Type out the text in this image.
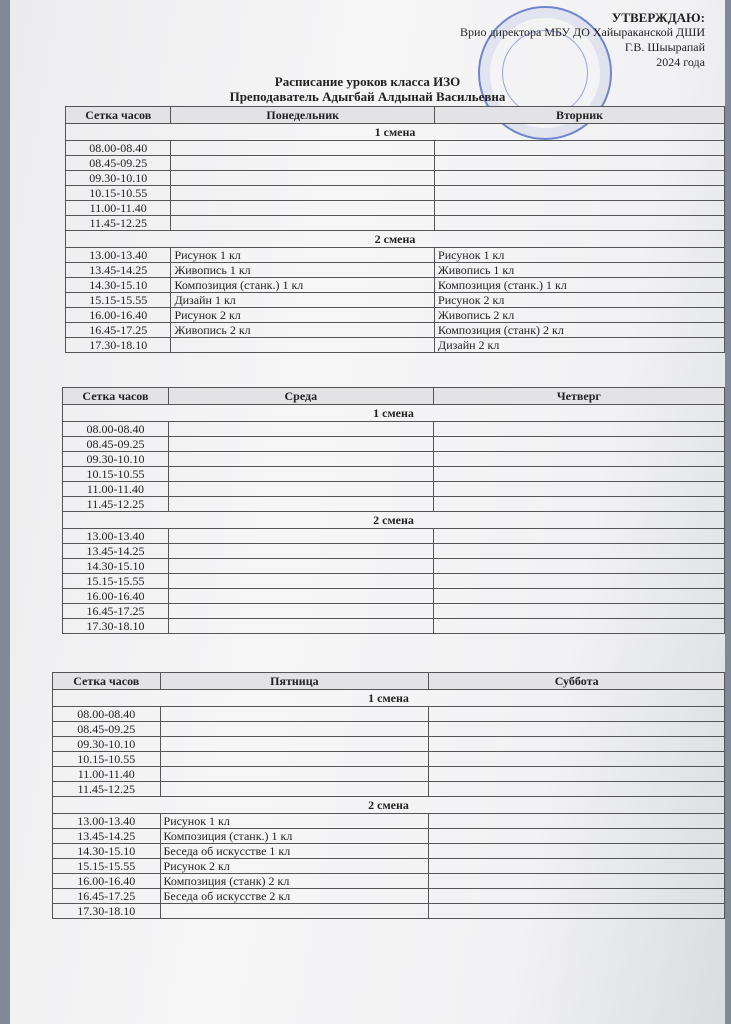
УТВЕРЖДАЮ:
Врио директора МБУ ДО Хайыраканской ДШИ
Г.В. Шыырапай
2024 года
Расписание уроков класса ИЗО
Преподаватель Адыгбай Алдынай Васильевна
Сетка часов	Понедельник	Вторник
1 смена		
08.00-08.40		
08.45-09.25		
09.30-10.10		
10.15-10.55		
11.00-11.40		
11.45-12.25		
2 смена		
13.00-13.40	Рисунок 1 кл	Рисунок 1 кл
13.45-14.25	Живопись 1 кл	Живопись 1 кл
14.30-15.10	Композиция (станк.) 1 кл	Композиция (станк.) 1 кл
15.15-15.55	Дизайн 1 кл	Рисунок 2 кл
16.00-16.40	Рисунок 2 кл	Живопись 2 кл
16.45-17.25	Живопись 2 кл	Композиция (станк) 2 кл
17.30-18.10		Дизайн 2 кл
Сетка часов	Среда	Четверг
1 смена		
08.00-08.40		
08.45-09.25		
09.30-10.10		
10.15-10.55		
11.00-11.40		
11.45-12.25		
2 смена		
13.00-13.40		
13.45-14.25		
14.30-15.10		
15.15-15.55		
16.00-16.40		
16.45-17.25		
17.30-18.10		
Сетка часов	Пятница	Суббота
1 смена		
08.00-08.40		
08.45-09.25		
09.30-10.10		
10.15-10.55		
11.00-11.40		
11.45-12.25		
2 смена		
13.00-13.40	Рисунок 1 кл	
13.45-14.25	Композиция (станк.) 1 кл	
14.30-15.10	Беседа об искусстве 1 кл	
15.15-15.55	Рисунок 2 кл	
16.00-16.40	Композиция (станк) 2 кл	
16.45-17.25	Беседа об искусстве 2 кл	
17.30-18.10		
